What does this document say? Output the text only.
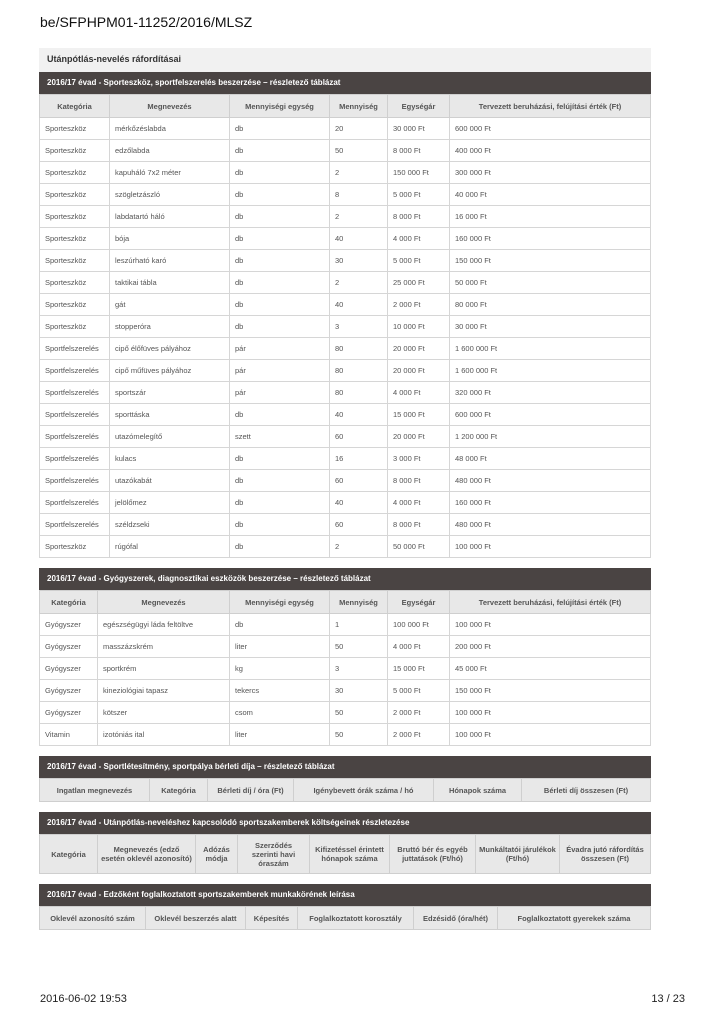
be/SFPHPM01-11252/2016/MLSZ
Utánpótlás-nevelés ráfordításai
2016/17 évad - Sporteszköz, sportfelszerelés beszerzése – részletező táblázat
Kategória	Megnevezés	Mennyiségi egység	Mennyiség	Egységár	Tervezett beruházási, felújítási érték (Ft)
Sporteszköz	mérkőzéslabda	db	20	30 000 Ft	600 000 Ft
Sporteszköz	edzőlabda	db	50	8 000 Ft	400 000 Ft
Sporteszköz	kapuháló 7x2 méter	db	2	150 000 Ft	300 000 Ft
Sporteszköz	szögletzászló	db	8	5 000 Ft	40 000 Ft
Sporteszköz	labdatartó háló	db	2	8 000 Ft	16 000 Ft
Sporteszköz	bója	db	40	4 000 Ft	160 000 Ft
Sporteszköz	leszúrható karó	db	30	5 000 Ft	150 000 Ft
Sporteszköz	taktikai tábla	db	2	25 000 Ft	50 000 Ft
Sporteszköz	gát	db	40	2 000 Ft	80 000 Ft
Sporteszköz	stopperóra	db	3	10 000 Ft	30 000 Ft
Sportfelszerelés	cipő élőfüves pályához	pár	80	20 000 Ft	1 600 000 Ft
Sportfelszerelés	cipő műfüves pályához	pár	80	20 000 Ft	1 600 000 Ft
Sportfelszerelés	sportszár	pár	80	4 000 Ft	320 000 Ft
Sportfelszerelés	sporttáska	db	40	15 000 Ft	600 000 Ft
Sportfelszerelés	utazómelegítő	szett	60	20 000 Ft	1 200 000 Ft
Sportfelszerelés	kulacs	db	16	3 000 Ft	48 000 Ft
Sportfelszerelés	utazókabát	db	60	8 000 Ft	480 000 Ft
Sportfelszerelés	jelölőmez	db	40	4 000 Ft	160 000 Ft
Sportfelszerelés	széldzseki	db	60	8 000 Ft	480 000 Ft
Sporteszköz	rúgófal	db	2	50 000 Ft	100 000 Ft
2016/17 évad - Gyógyszerek, diagnosztikai eszközök beszerzése – részletező táblázat
Kategória	Megnevezés	Mennyiségi egység	Mennyiség	Egységár	Tervezett beruházási, felújítási érték (Ft)
Gyógyszer	egészségügyi láda feltöltve	db	1	100 000 Ft	100 000 Ft
Gyógyszer	masszázskrém	liter	50	4 000 Ft	200 000 Ft
Gyógyszer	sportkrém	kg	3	15 000 Ft	45 000 Ft
Gyógyszer	kineziológiai tapasz	tekercs	30	5 000 Ft	150 000 Ft
Gyógyszer	kötszer	csom	50	2 000 Ft	100 000 Ft
Vitamin	izotóniás ital	liter	50	2 000 Ft	100 000 Ft
2016/17 évad - Sportlétesítmény, sportpálya bérleti díja – részletező táblázat
Ingatlan megnevezés	Kategória	Bérleti díj / óra (Ft)	Igénybevett órák száma / hó	Hónapok száma	Bérleti díj összesen (Ft)
2016/17 évad - Utánpótlás-neveléshez kapcsolódó sportszakemberek költségeinek részletezése
Kategória	Megnevezés (edző esetén oklevél azonosító)	Adózás módja	Szerződés szerinti havi óraszám	Kifizetéssel érintett hónapok száma	Bruttó bér és egyéb juttatások (Ft/hó)	Munkáltatói járulékok (Ft/hó)	Évadra jutó ráfordítás összesen (Ft)
2016/17 évad - Edzőként foglalkoztatott sportszakemberek munkakörének leírása
Oklevél azonosító szám	Oklevél beszerzés alatt	Képesítés	Foglalkoztatott korosztály	Edzésidő (óra/hét)	Foglalkoztatott gyerekek száma
2016-06-02 19:53	13 / 23
